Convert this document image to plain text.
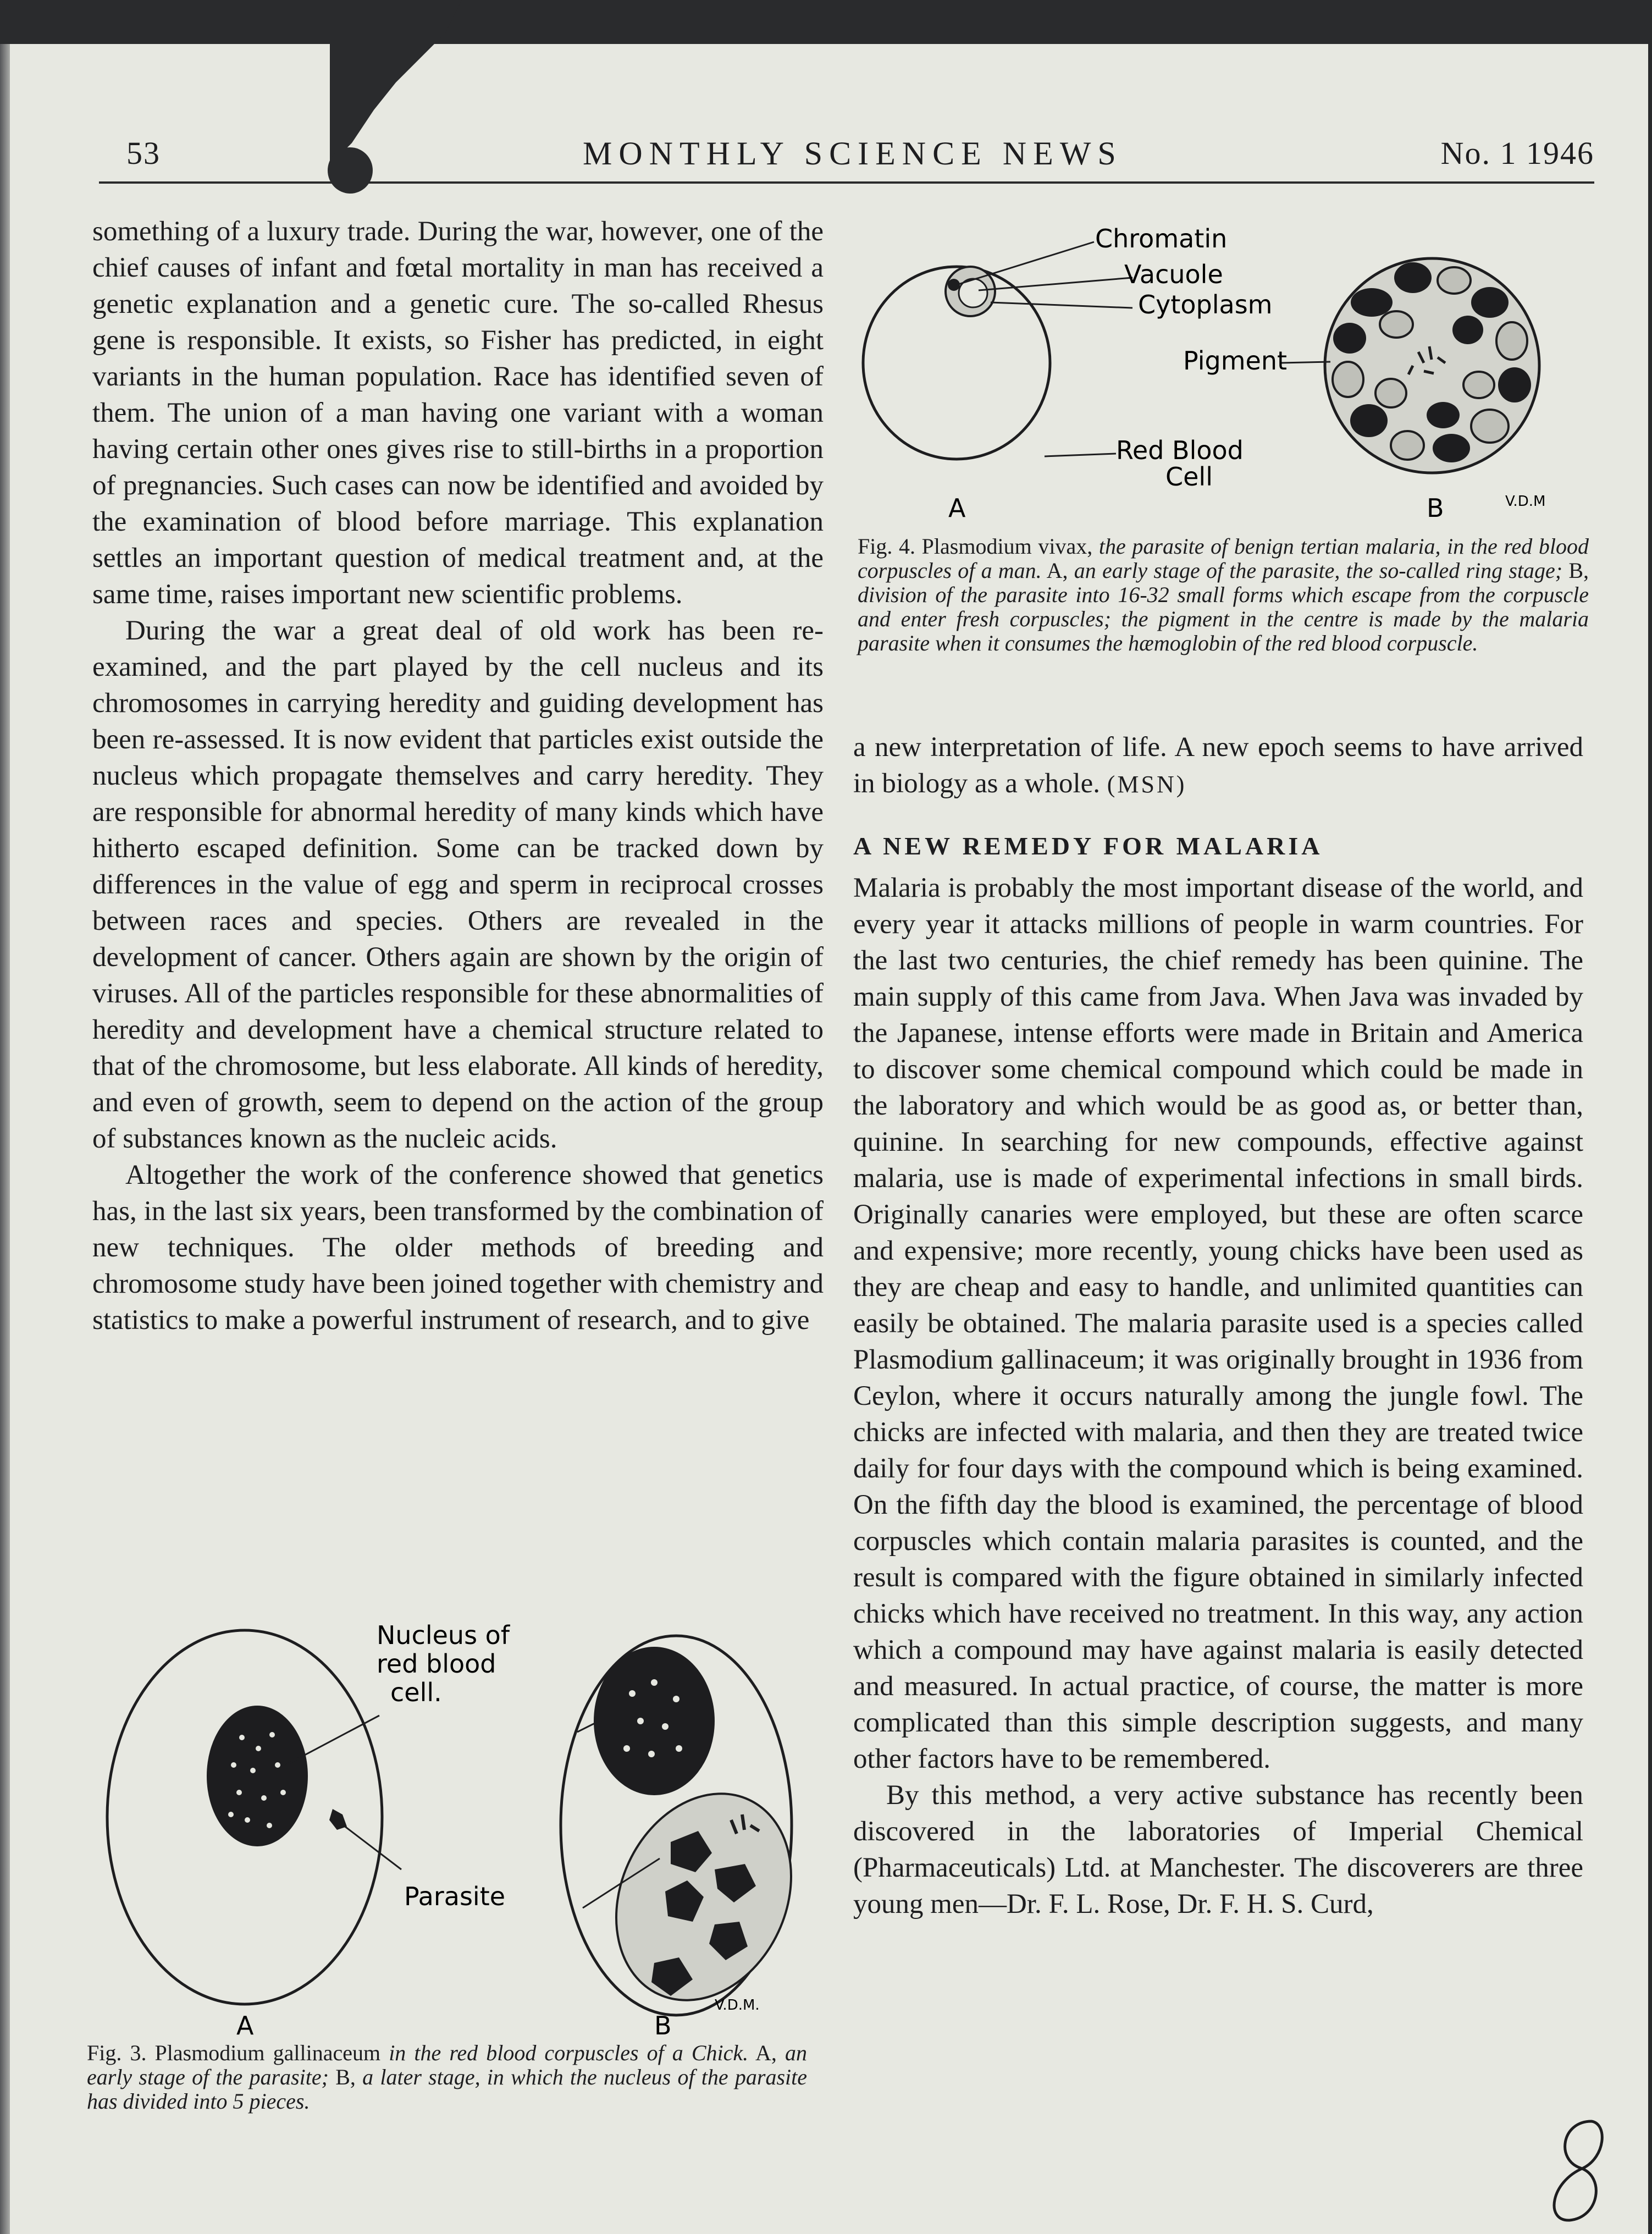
53	MONTHLY SCIENCE NEWS	No. 1 1946

something of a luxury trade. During the war, however, one of the chief causes of infant and fœtal mortality in man has received a genetic explanation and a genetic cure. The so-called Rhesus gene is responsible. It exists, so Fisher has predicted, in eight variants in the human population. Race has identified seven of them. The union of a man having one variant with a woman having certain other ones gives rise to still-births in a proportion of pregnancies. Such cases can now be identified and avoided by the examination of blood before marriage. This explanation settles an important question of medical treatment and, at the same time, raises important new scientific problems.

During the war a great deal of old work has been re-examined, and the part played by the cell nucleus and its chromosomes in carrying heredity and guiding development has been re-assessed. It is now evident that particles exist outside the nucleus which propagate themselves and carry heredity. They are responsible for abnormal heredity of many kinds which have hitherto escaped definition. Some can be tracked down by differences in the value of egg and sperm in reciprocal crosses between races and species. Others are revealed in the development of cancer. Others again are shown by the origin of viruses. All of the particles responsible for these abnormalities of heredity and development have a chemical structure related to that of the chromosome, but less elaborate. All kinds of heredity, and even of growth, seem to depend on the action of the group of substances known as the nucleic acids.

Altogether the work of the conference showed that genetics has, in the last six years, been transformed by the combination of new techniques. The older methods of breeding and chromosome study have been joined together with chemistry and statistics to make a powerful instrument of research, and to give

Chromatin
Vacuole
Cytoplasm
Red Blood
Cell
A
Pigment
B	V.D.M
Fig. 4. Plasmodium vivax, the parasite of benign tertian malaria, in the red blood corpuscles of a man. A, an early stage of the parasite, the so-called ring stage; B, division of the parasite into 16-32 small forms which escape from the corpuscle and enter fresh corpuscles; the pigment in the centre is made by the malaria parasite when it consumes the hæmoglobin of the red blood corpuscle.

a new interpretation of life. A new epoch seems to have arrived in biology as a whole. (MSN)

A NEW REMEDY FOR MALARIA

Malaria is probably the most important disease of the world, and every year it attacks millions of people in warm countries. For the last two centuries, the chief remedy has been quinine. The main supply of this came from Java. When Java was invaded by the Japanese, intense efforts were made in Britain and America to discover some chemical compound which could be made in the laboratory and which would be as good as, or better than, quinine. In searching for new compounds, effective against malaria, use is made of experimental infections in small birds. Originally canaries were employed, but these are often scarce and expensive; more recently, young chicks have been used as they are cheap and easy to handle, and unlimited quantities can easily be obtained. The malaria parasite used is a species called Plasmodium gallinaceum; it was originally brought in 1936 from Ceylon, where it occurs naturally among the jungle fowl. The chicks are infected with malaria, and then they are treated twice daily for four days with the compound which is being examined. On the fifth day the blood is examined, the percentage of blood corpuscles which contain malaria parasites is counted, and the result is compared with the figure obtained in similarly infected chicks which have received no treatment. In this way, any action which a compound may have against malaria is easily detected and measured. In actual practice, of course, the matter is more complicated than this simple description suggests, and many other factors have to be remembered.

By this method, a very active substance has recently been discovered in the laboratories of Imperial Chemical (Pharmaceuticals) Ltd. at Manchester. The discoverers are three young men—Dr. F. L. Rose, Dr. F. H. S. Curd,

Nucleus of
red blood
cell.
Parasite
A	B
V.D.M.
Fig. 3. Plasmodium gallinaceum in the red blood corpuscles of a Chick. A, an early stage of the parasite; B, a later stage, in which the nucleus of the parasite has divided into 5 pieces.
